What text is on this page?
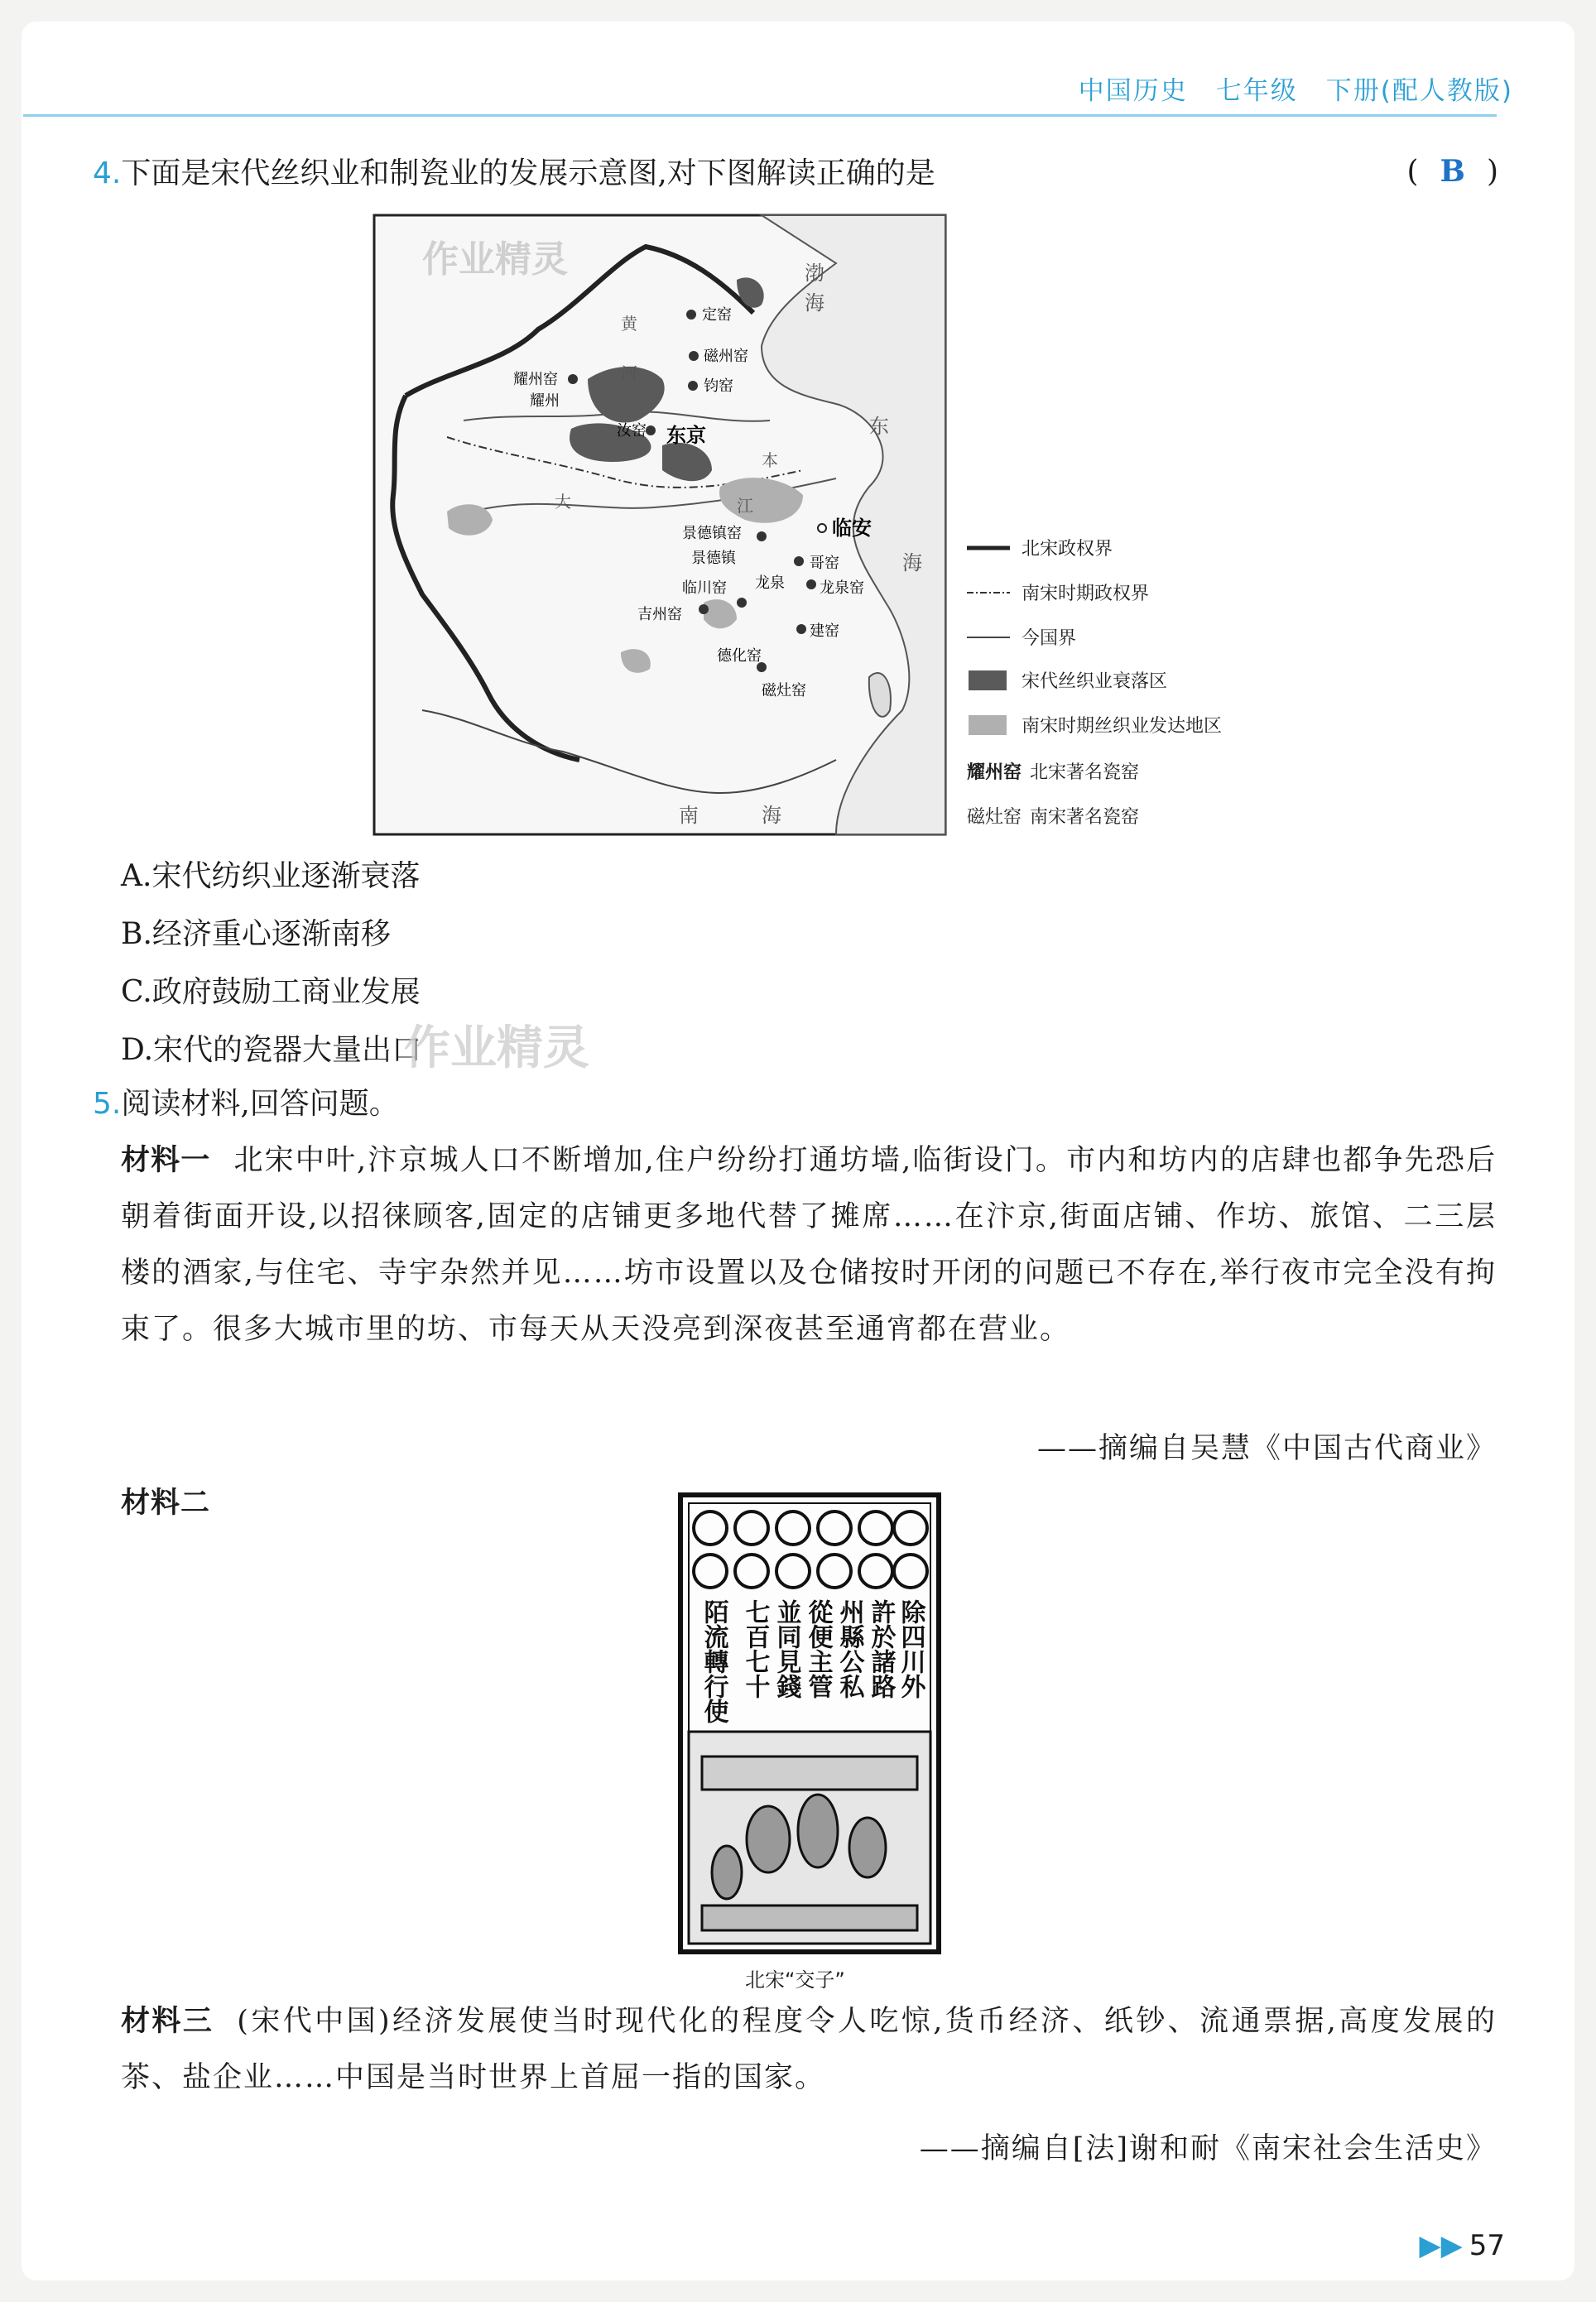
中国历史 七年级 下册(配人教版)
4.下面是宋代丝织业和制瓷业的发展示意图,对下图解读正确的是	( B )
渤
海
黄
河
东
海
大	江
本
南	海
定窑
磁州窑
钧窑
耀州窑
耀州
汝窑 东京
景德镇窑
景德镇
临安
哥窑
龙泉 龙泉窑
临川窑
吉州窑
建窑
德化窑
磁灶窑
作业精灵
北宋政权界
南宋时期政权界
今国界
宋代丝织业衰落区
南宋时期丝织业发达地区
耀州窑 北宋著名瓷窑
磁灶窑 南宋著名瓷窑
A.宋代纺织业逐渐衰落
B.经济重心逐渐南移
C.政府鼓励工商业发展
D.宋代的瓷器大量出口
作业精灵
5.阅读材料,回答问题。
材料一 北宋中叶,汴京城人口不断增加,住户纷纷打通坊墙,临街设门。市内和坊内的店肆也都争先恐后朝着街面开设,以招徕顾客,固定的店铺更多地代替了摊席……在汴京,街面店铺、作坊、旅馆、二三层楼的酒家,与住宅、寺宇杂然并见……坊市设置以及仓储按时开闭的问题已不存在,举行夜市完全没有拘束了。很多大城市里的坊、市每天从天没亮到深夜甚至通宵都在营业。
——摘编自吴慧《中国古代商业》
材料二
除四川外
許於諸路
州縣公私
從便主管
並同見錢
七百七十
陌流轉行使
北宋“交子”
材料三 (宋代中国)经济发展使当时现代化的程度令人吃惊,货币经济、纸钞、流通票据,高度发展的茶、盐企业……中国是当时世界上首屈一指的国家。
——摘编自[法]谢和耐《南宋社会生活史》
▶▶ 57
